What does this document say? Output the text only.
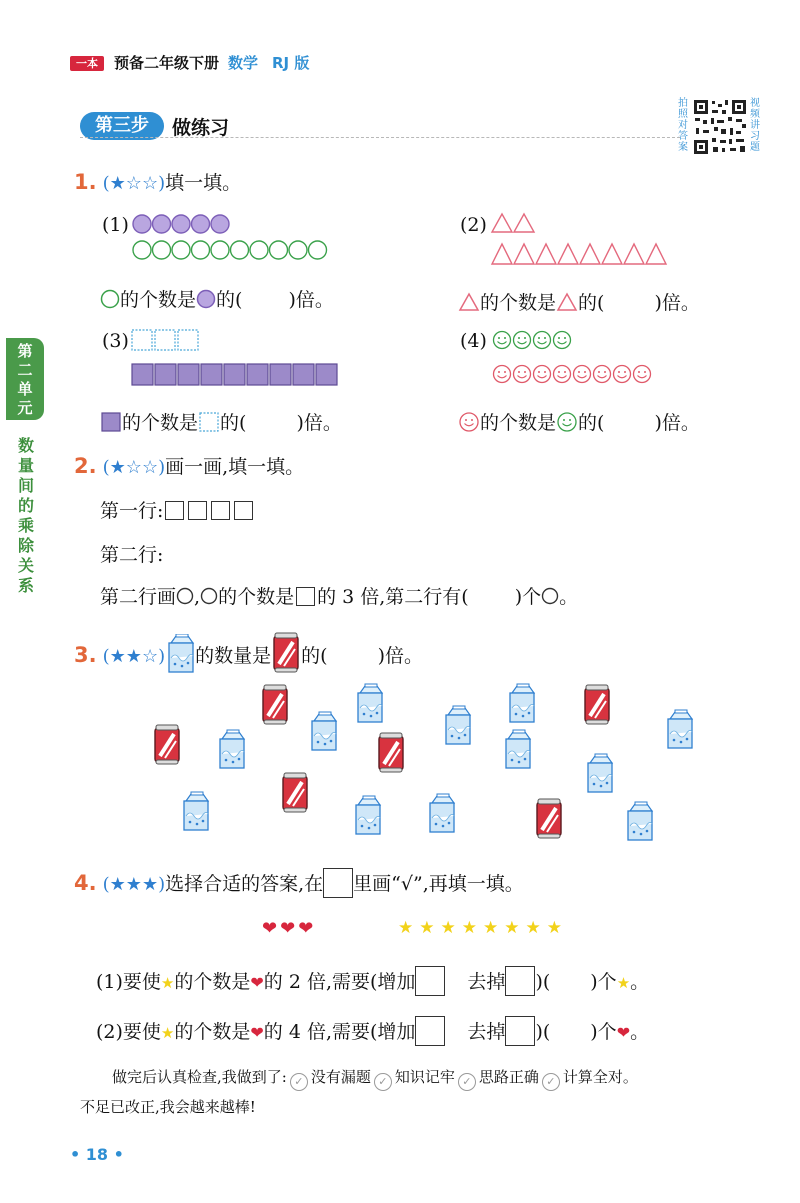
一本	预备二年级下册 数学 RJ 版
第三步	做练习
拍照对答案
视频讲习题
第二单元
数量间的乘除关系
1. (★☆☆)填一填。
(1)
的个数是 的( )倍。
(2)
的个数是 的(	)倍。
(3)
的个数是 的(	)倍。
(4)
的个数是 的(	)倍。
2. (★☆☆)画一画,填一填。
第一行:
第二行:
第二行画 , 的个数是 的 3 倍,第二行有( )个 。
3. (★★☆) 的数量是 的(	)倍。
4. (★★★)选择合适的答案,在 里画“√”,再填一填。
❤❤❤	★★★★★★★★
(1)要使★的个数是❤的 2 倍,需要(增加	去掉 )( )个★。
(2)要使★的个数是❤的 4 倍,需要(增加	去掉 )( )个❤。
做完后认真检查,我做到了: ✓ 没有漏题 ✓ 知识记牢 ✓ 思路正确 ✓ 计算全对。
不足已改正,我会越来越棒!
• 18 •
